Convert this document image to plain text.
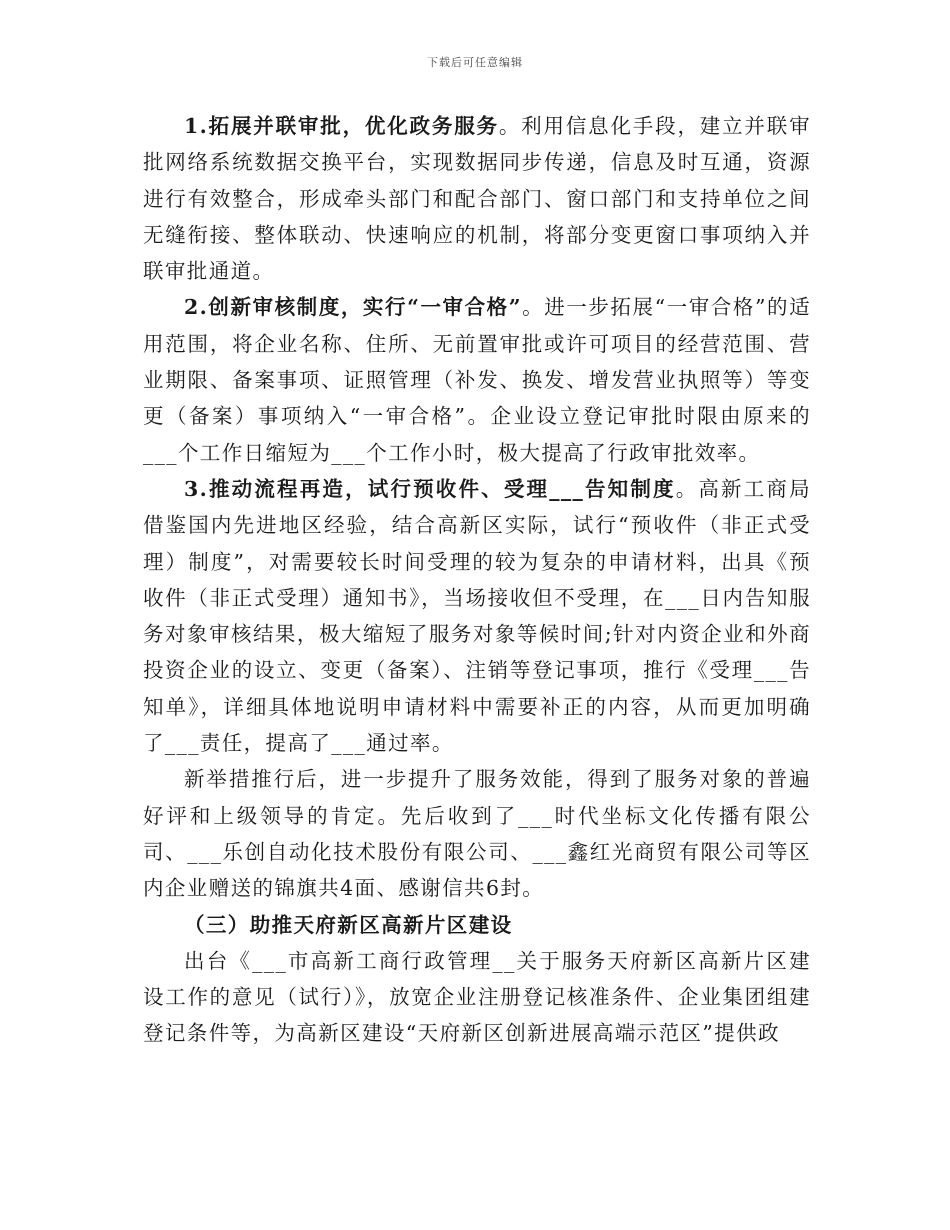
下载后可任意编辑

1.拓展并联审批，优化政务服务。利用信息化手段，建立并联审批网络系统数据交换平台，实现数据同步传递，信息及时互通，资源进行有效整合，形成牵头部门和配合部门、窗口部门和支持单位之间无缝衔接、整体联动、快速响应的机制，将部分变更窗口事项纳入并联审批通道。

2.创新审核制度，实行“一审合格”。进一步拓展“一审合格”的适用范围，将企业名称、住所、无前置审批或许可项目的经营范围、营业期限、备案事项、证照管理（补发、换发、增发营业执照等）等变更（备案）事项纳入“一审合格”。企业设立登记审批时限由原来的___个工作日缩短为___个工作小时，极大提高了行政审批效率。

3.推动流程再造，试行预收件、受理___告知制度。高新工商局借鉴国内先进地区经验，结合高新区实际，试行“预收件（非正式受理）制度”，对需要较长时间受理的较为复杂的申请材料，出具《预收件（非正式受理）通知书》，当场接收但不受理，在___日内告知服务对象审核结果，极大缩短了服务对象等候时间;针对内资企业和外商投资企业的设立、变更（备案）、注销等登记事项，推行《受理___告知单》，详细具体地说明申请材料中需要补正的内容，从而更加明确了___责任，提高了___通过率。

新举措推行后，进一步提升了服务效能，得到了服务对象的普遍好评和上级领导的肯定。先后收到了___时代坐标文化传播有限公司、___乐创自动化技术股份有限公司、___鑫红光商贸有限公司等区内企业赠送的锦旗共4面、感谢信共6封。

（三）助推天府新区高新片区建设

出台《___市高新工商行政管理__关于服务天府新区高新片区建设工作的意见（试行）》，放宽企业注册登记核准条件、企业集团组建登记条件等，为高新区建设“天府新区创新进展高端示范区”提供政
